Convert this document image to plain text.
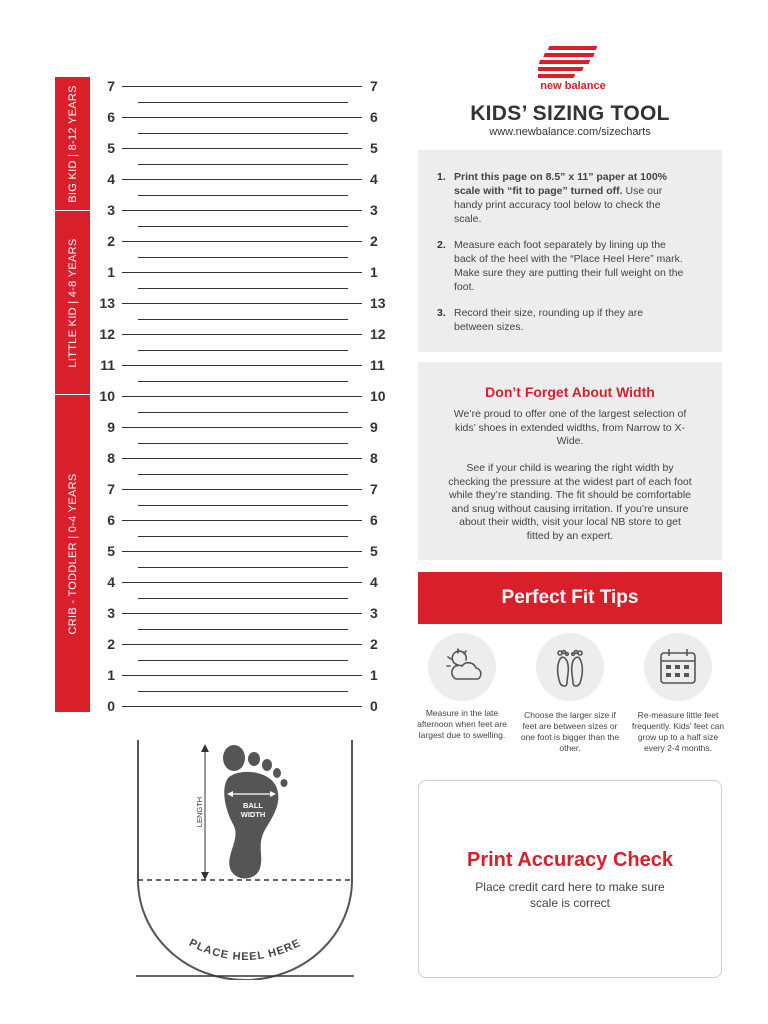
BIG KID | 8-12 YEARS
LITTLE KID | 4-8 YEARS
CRIB - TODDLER | 0-4 YEARS
7	7
6	6
5	5
4	4
3	3
2	2
1	1
13	13
12	12
11	11
10	10
9	9
8	8
7	7
6	6
5	5
4	4
3	3
2	2
1	1
0	0
BALL
WIDTH
LENGTH
PLACE HEEL HERE
new balance
KIDS’ SIZING TOOL
www.newbalance.com/sizecharts
1. Print this page on 8.5” x 11” paper at 100% scale with “fit to page” turned off. Use our handy print accuracy tool below to check the scale.
2. Measure each foot separately by lining up the back of the heel with the “Place Heel Here” mark. Make sure they are putting their full weight on the foot.
3. Record their size, rounding up if they are between sizes.
Don’t Forget About Width
We’re proud to offer one of the largest selection of kids’ shoes in extended widths, from Narrow to X-Wide.
See if your child is wearing the right width by checking the pressure at the widest part of each foot while they’re standing. The fit should be comfortable and snug without causing irritation. If you’re unsure about their width, visit your local NB store to get fitted by an expert.
Perfect Fit Tips
Measure in the late afternoon when feet are largest due to swelling.
Choose the larger size if feet are between sizes or one foot is bigger than the other.
Re-measure little feet frequently. Kids’ feet can grow up to a half size every 2-4 months.
Print Accuracy Check
Place credit card here to make sure scale is correct
